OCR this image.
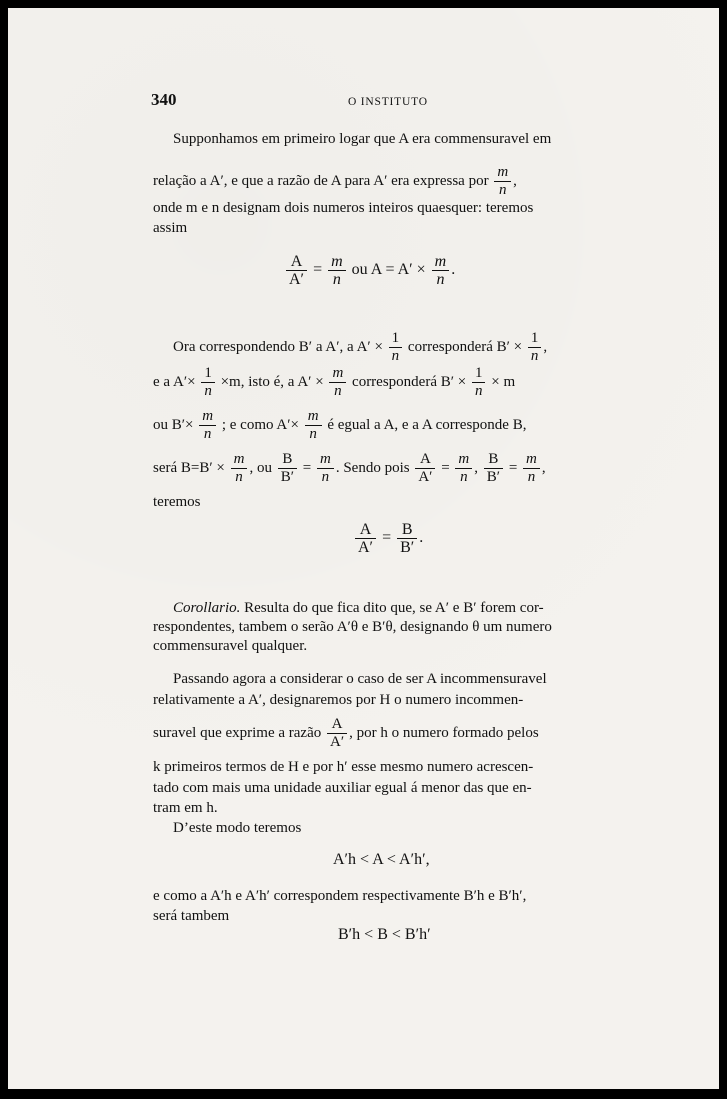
340	O INSTITUTO
Supponhamos em primeiro logar que A era commensuravel em
relação a A′, e que a razão de A para A′ era expressa por $\frac{m}{n}$ ,
onde m e n designam dois numeros inteiros quaesquer: teremos
assim
$\frac{A}{A'} = \frac{m}{n}$ ou $A = A' \times \frac{m}{n}$ .
Ora correspondendo B′ a A′, a $A' \times \frac{1}{n}$ corresponderá $B' \times \frac{1}{n}$ ,
e a $A'\times \frac{1}{n} \times m$, isto é, a $A' \times \frac{m}{n}$ corresponderá $B' \times \frac{1}{n} \times m$
ou $B'\times \frac{m}{n}$ ; e como $A'\times \frac{m}{n}$ é egual a A, e a A corresponde B,
será $B=B' \times \frac{m}{n}$ , ou $\frac{B}{B'} = \frac{m}{n}$ . Sendo pois $\frac{A}{A'} = \frac{m}{n}$ , $\frac{B}{B'} = \frac{m}{n}$ ,
teremos
$\frac{A}{A'} = \frac{B}{B'}$ .
Corollario. Resulta do que fica dito que, se A′ e B′ forem cor-
respondentes, tambem o serão A′θ e B′θ, designando θ um numero
commensuravel qualquer.
Passando agora a considerar o caso de ser A incommensuravel
relativamente a A′, designaremos por H o numero incommen-
suravel que exprime a razão $\frac{A}{A'}$ , por h o numero formado pelos
k primeiros termos de H e por h′ esse mesmo numero acrescen-
tado com mais uma unidade auxiliar egual á menor das que en-
tram em h.
D’este modo teremos
A′h < A < A′h′,
e como a A′h e A′h′ correspondem respectivamente B′h e B′h′,
será tambem
B′h < B < B′h′
